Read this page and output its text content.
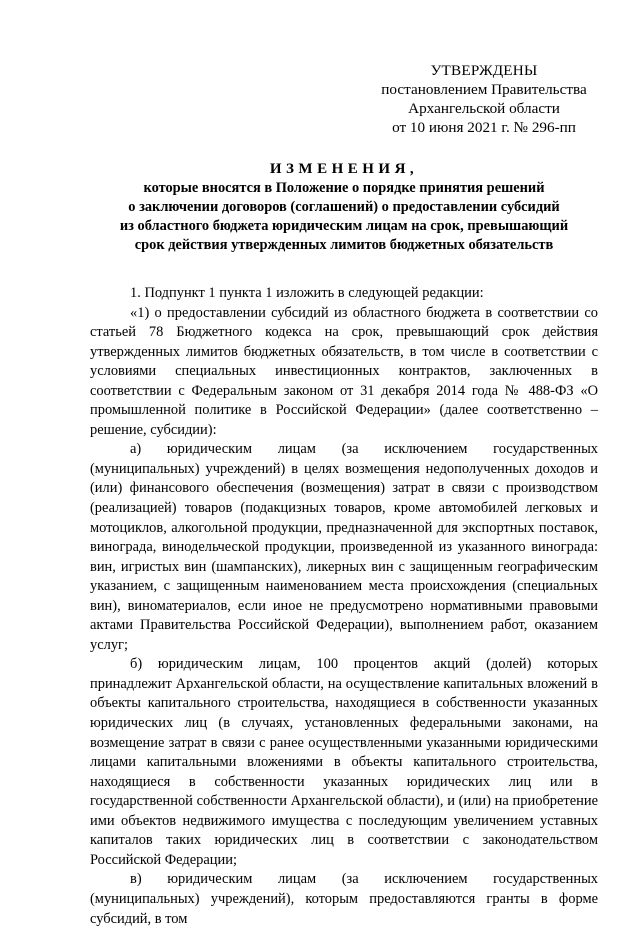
УТВЕРЖДЕНЫ
постановлением Правительства
Архангельской области
от 10 июня 2021 г. № 296-пп
ИЗМЕНЕНИЯ,
которые вносятся в Положение о порядке принятия решений
о заключении договоров (соглашений) о предоставлении субсидий
из областного бюджета юридическим лицам на срок, превышающий
срок действия утвержденных лимитов бюджетных обязательств

1. Подпункт 1 пункта 1 изложить в следующей редакции:

«1) о предоставлении субсидий из областного бюджета в соответствии со статьей 78 Бюджетного кодекса на срок, превышающий срок действия утвержденных лимитов бюджетных обязательств, в том числе в соответствии с условиями специальных инвестиционных контрактов, заключенных в соответствии с Федеральным законом от 31 декабря 2014 года № 488-ФЗ «О промышленной политике в Российской Федерации» (далее соответственно – решение, субсидии):

а) юридическим лицам (за исключением государственных (муниципальных) учреждений) в целях возмещения недополученных доходов и (или) финансового обеспечения (возмещения) затрат в связи с производством (реализацией) товаров (подакцизных товаров, кроме автомобилей легковых и мотоциклов, алкогольной продукции, предназначенной для экспортных поставок, винограда, винодельческой продукции, произведенной из указанного винограда: вин, игристых вин (шампанских), ликерных вин с защищенным географическим указанием, с защищенным наименованием места происхождения (специальных вин), виноматериалов, если иное не предусмотрено нормативными правовыми актами Правительства Российской Федерации), выполнением работ, оказанием услуг;

б) юридическим лицам, 100 процентов акций (долей) которых принадлежит Архангельской области, на осуществление капитальных вложений в объекты капитального строительства, находящиеся в собственности указанных юридических лиц (в случаях, установленных федеральными законами, на возмещение затрат в связи с ранее осуществленными указанными юридическими лицами капитальными вложениями в объекты капитального строительства, находящиеся в собственности указанных юридических лиц или в государственной собственности Архангельской области), и (или) на приобретение ими объектов недвижимого имущества с последующим увеличением уставных капиталов таких юридических лиц в соответствии с законодательством Российской Федерации;

в) юридическим лицам (за исключением государственных (муниципальных) учреждений), которым предоставляются гранты в форме субсидий, в том
